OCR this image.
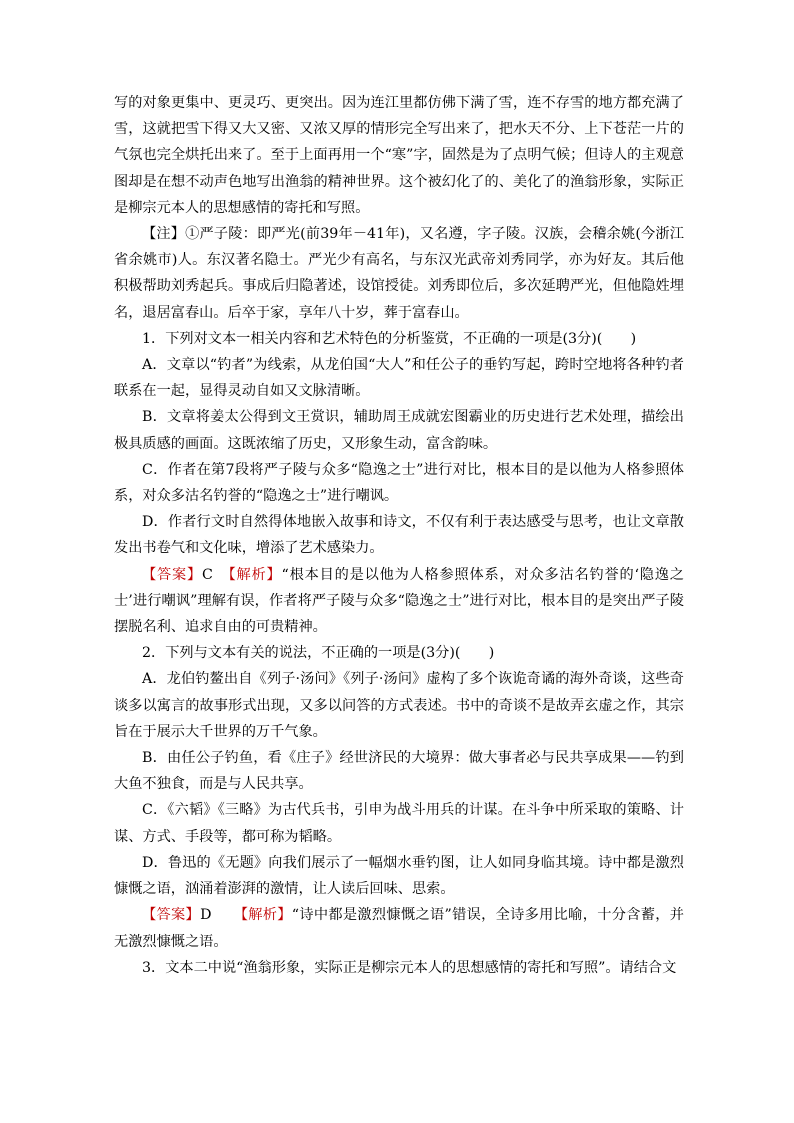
写的对象更集中、更灵巧、更突出。因为连江里都仿佛下满了雪，连不存雪的地方都充满了雪，这就把雪下得又大又密、又浓又厚的情形完全写出来了，把水天不分、上下苍茫一片的气氛也完全烘托出来了。至于上面再用一个“寒”字，固然是为了点明气候；但诗人的主观意图却是在想不动声色地写出渔翁的精神世界。这个被幻化了的、美化了的渔翁形象，实际正是柳宗元本人的思想感情的寄托和写照。

【注】①严子陵：即严光(前39年－41年)，又名遵，字子陵。汉族，会稽余姚(今浙江省余姚市)人。东汉著名隐士。严光少有高名，与东汉光武帝刘秀同学，亦为好友。其后他积极帮助刘秀起兵。事成后归隐著述，设馆授徒。刘秀即位后，多次延聘严光，但他隐姓埋名，退居富春山。后卒于家，享年八十岁，葬于富春山。

1．下列对文本一相关内容和艺术特色的分析鉴赏，不正确的一项是(3分)(　　)

A．文章以“钓者”为线索，从龙伯国“大人”和任公子的垂钓写起，跨时空地将各种钓者联系在一起，显得灵动自如又文脉清晰。

B．文章将姜太公得到文王赏识，辅助周王成就宏图霸业的历史进行艺术处理，描绘出极具质感的画面。这既浓缩了历史，又形象生动，富含韵味。

C．作者在第7段将严子陵与众多“隐逸之士”进行对比，根本目的是以他为人格参照体系，对众多沽名钓誉的“隐逸之士”进行嘲讽。

D．作者行文时自然得体地嵌入故事和诗文，不仅有利于表达感受与思考，也让文章散发出书卷气和文化味，增添了艺术感染力。

【答案】C　 【解析】“根本目的是以他为人格参照体系，对众多沽名钓誉的‘隐逸之士’进行嘲讽”理解有误，作者将严子陵与众多“隐逸之士”进行对比，根本目的是突出严子陵摆脱名利、追求自由的可贵精神。

2．下列与文本有关的说法，不正确的一项是(3分)(　　)

A．龙伯钓鳌出自《列子·汤问》《列子·汤问》虚构了多个诙诡奇谲的海外奇谈，这些奇谈多以寓言的故事形式出现，又多以问答的方式表述。书中的奇谈不是故弄玄虚之作，其宗旨在于展示大千世界的万千气象。

B．由任公子钓鱼，看《庄子》经世济民的大境界：做大事者必与民共享成果——钓到大鱼不独食，而是与人民共享。

C．《六韬》《三略》为古代兵书，引申为战斗用兵的计谋。在斗争中所采取的策略、计谋、方式、手段等，都可称为韬略。

D．鲁迅的《无题》向我们展示了一幅烟水垂钓图，让人如同身临其境。诗中都是激烈慷慨之语，汹涌着澎湃的激情，让人读后回味、思索。

【答案】D　　 【解析】“诗中都是激烈慷慨之语”错误，全诗多用比喻，十分含蓄，并无激烈慷慨之语。

3．文本二中说“渔翁形象，实际正是柳宗元本人的思想感情的寄托和写照”。请结合文
